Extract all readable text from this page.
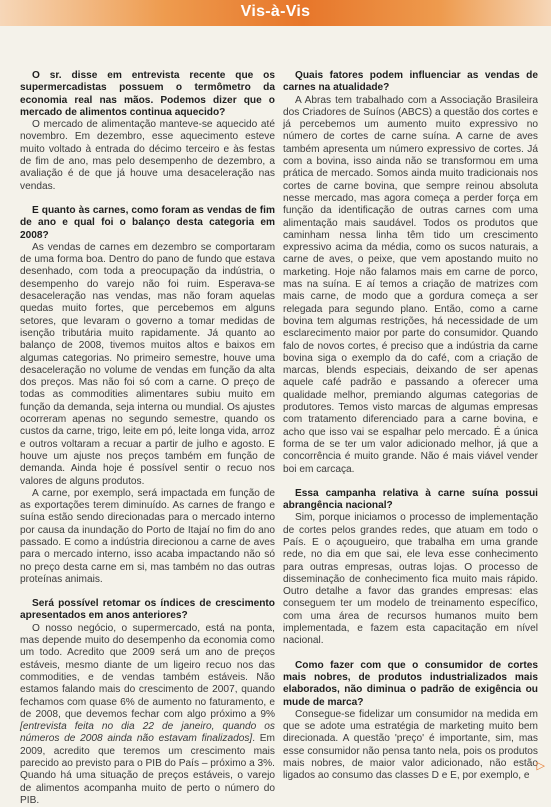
Vis-à-Vis

O sr. disse em entrevista recente que os supermercadistas possuem o termômetro da economia real nas mãos. Podemos dizer que o mercado de alimentos continua aquecido?

O mercado de alimentação manteve-se aquecido até novembro. Em dezembro, esse aquecimento esteve muito voltado à entrada do décimo terceiro e às festas de fim de ano, mas pelo desempenho de dezembro, a avaliação é de que já houve uma desaceleração nas vendas.

E quanto às carnes, como foram as vendas de fim de ano e qual foi o balanço desta categoria em 2008?

As vendas de carnes em dezembro se comportaram de uma forma boa. Dentro do pano de fundo que estava desenhado, com toda a preocupação da indústria, o desempenho do varejo não foi ruim. Esperava-se desaceleração nas vendas, mas não foram aquelas quedas muito fortes, que percebemos em alguns setores, que levaram o governo a tomar medidas de isenção tributária muito rapidamente. Já quanto ao balanço de 2008, tivemos muitos altos e baixos em algumas categorias. No primeiro semestre, houve uma desaceleração no volume de vendas em função da alta dos preços. Mas não foi só com a carne. O preço de todas as commodities alimentares subiu muito em função da demanda, seja interna ou mundial. Os ajustes ocorreram apenas no segundo semestre, quando os custos da carne, trigo, leite em pó, leite longa vida, arroz e outros voltaram a recuar a partir de julho e agosto. E houve um ajuste nos preços também em função de demanda. Ainda hoje é possível sentir o recuo nos valores de alguns produtos.

A carne, por exemplo, será impactada em função de as exportações terem diminuído. As carnes de frango e suína estão sendo direcionadas para o mercado interno por causa da inundação do Porto de Itajaí no fim do ano passado. E como a indústria direcionou a carne de aves para o mercado interno, isso acaba impactando não só no preço desta carne em si, mas também no das outras proteínas animais.

Será possível retomar os índices de crescimento apresentados em anos anteriores?

O nosso negócio, o supermercado, está na ponta, mas depende muito do desempenho da economia como um todo. Acredito que 2009 será um ano de preços estáveis, mesmo diante de um ligeiro recuo nos das commodities, e de vendas também estáveis. Não estamos falando mais do crescimento de 2007, quando fechamos com quase 6% de aumento no faturamento, e de 2008, que devemos fechar com algo próximo a 9% [entrevista feita no dia 22 de janeiro, quando os números de 2008 ainda não estavam finalizados]. Em 2009, acredito que teremos um crescimento mais parecido ao previsto para o PIB do País – próximo a 3%. Quando há uma situação de preços estáveis, o varejo de alimentos acompanha muito de perto o número do PIB.

Quais fatores podem influenciar as vendas de carnes na atualidade?

A Abras tem trabalhado com a Associação Brasileira dos Criadores de Suínos (ABCS) a questão dos cortes e já percebemos um aumento muito expressivo no número de cortes de carne suína. A carne de aves também apresenta um número expressivo de cortes. Já com a bovina, isso ainda não se transformou em uma prática de mercado. Somos ainda muito tradicionais nos cortes de carne bovina, que sempre reinou absoluta nesse mercado, mas agora começa a perder força em função da identificação de outras carnes com uma alimentação mais saudável. Todos os produtos que caminham nessa linha têm tido um crescimento expressivo acima da média, como os sucos naturais, a carne de aves, o peixe, que vem apostando muito no marketing. Hoje não falamos mais em carne de porco, mas na suína. E aí temos a criação de matrizes com mais carne, de modo que a gordura começa a ser relegada para segundo plano. Então, como a carne bovina tem algumas restrições, há necessidade de um esclarecimento maior por parte do consumidor. Quando falo de novos cortes, é preciso que a indústria da carne bovina siga o exemplo da do café, com a criação de marcas, blends especiais, deixando de ser apenas aquele café padrão e passando a oferecer uma qualidade melhor, premiando algumas categorias de produtores. Temos visto marcas de algumas empresas com tratamento diferenciado para a carne bovina, e acho que isso vai se espalhar pelo mercado. É a única forma de se ter um valor adicionado melhor, já que a concorrência é muito grande. Não é mais viável vender boi em carcaça.

Essa campanha relativa à carne suína possui abrangência nacional?

Sim, porque iniciamos o processo de implementação de cortes pelos grandes redes, que atuam em todo o País. E o açougueiro, que trabalha em uma grande rede, no dia em que sai, ele leva esse conhecimento para outras empresas, outras lojas. O processo de disseminação de conhecimento fica muito mais rápido. Outro detalhe a favor das grandes empresas: elas conseguem ter um modelo de treinamento específico, com uma área de recursos humanos muito bem implementada, e fazem esta capacitação em nível nacional.

Como fazer com que o consumidor de cortes mais nobres, de produtos industrializados mais elaborados, não diminua o padrão de exigência ou mude de marca?

Consegue-se fidelizar um consumidor na medida em que se adote uma estratégia de marketing muito bem direcionada. A questão 'preço' é importante, sim, mas esse consumidor não pensa tanto nela, pois os produtos mais nobres, de maior valor adicionado, não estão ligados ao consumo das classes D e E, por exemplo, e

▷
